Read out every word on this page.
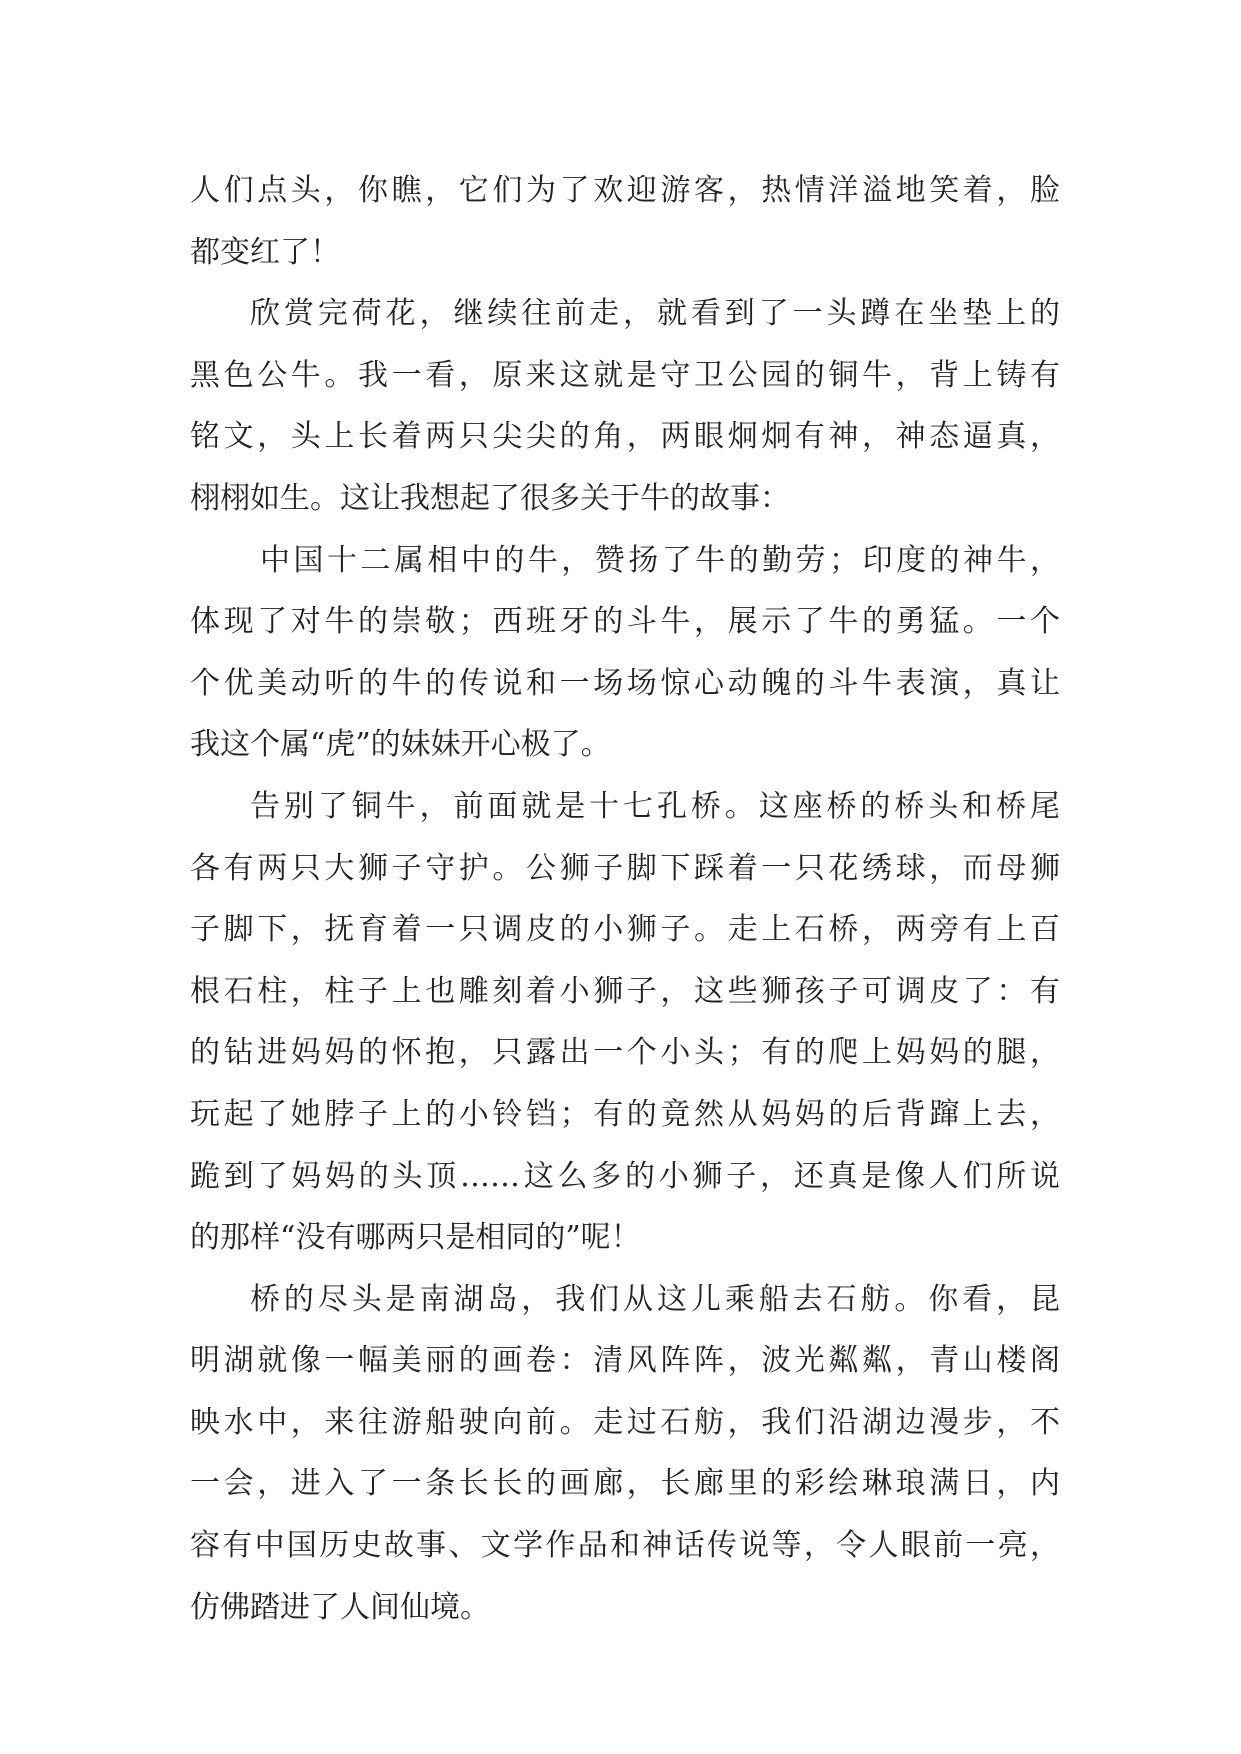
人们点头，你瞧，它们为了欢迎游客，热情洋溢地笑着，脸
都变红了！
欣赏完荷花，继续往前走，就看到了一头蹲在坐垫上的
黑色公牛。我一看，原来这就是守卫公园的铜牛，背上铸有
铭文，头上长着两只尖尖的角，两眼炯炯有神，神态逼真，
栩栩如生。这让我想起了很多关于牛的故事：
中国十二属相中的牛，赞扬了牛的勤劳；印度的神牛，
体现了对牛的崇敬；西班牙的斗牛，展示了牛的勇猛。一个
个优美动听的牛的传说和一场场惊心动魄的斗牛表演，真让
我这个属“虎”的妹妹开心极了。
告别了铜牛，前面就是十七孔桥。这座桥的桥头和桥尾
各有两只大狮子守护。公狮子脚下踩着一只花绣球，而母狮
子脚下，抚育着一只调皮的小狮子。走上石桥，两旁有上百
根石柱，柱子上也雕刻着小狮子，这些狮孩子可调皮了：有
的钻进妈妈的怀抱，只露出一个小头；有的爬上妈妈的腿，
玩起了她脖子上的小铃铛；有的竟然从妈妈的后背蹿上去，
跪到了妈妈的头顶……这么多的小狮子，还真是像人们所说
的那样“没有哪两只是相同的”呢！
桥的尽头是南湖岛，我们从这儿乘船去石舫。你看，昆
明湖就像一幅美丽的画卷：清风阵阵，波光粼粼，青山楼阁
映水中，来往游船驶向前。走过石舫，我们沿湖边漫步，不
一会，进入了一条长长的画廊，长廊里的彩绘琳琅满日，内
容有中国历史故事、文学作品和神话传说等，令人眼前一亮，
仿佛踏进了人间仙境。
